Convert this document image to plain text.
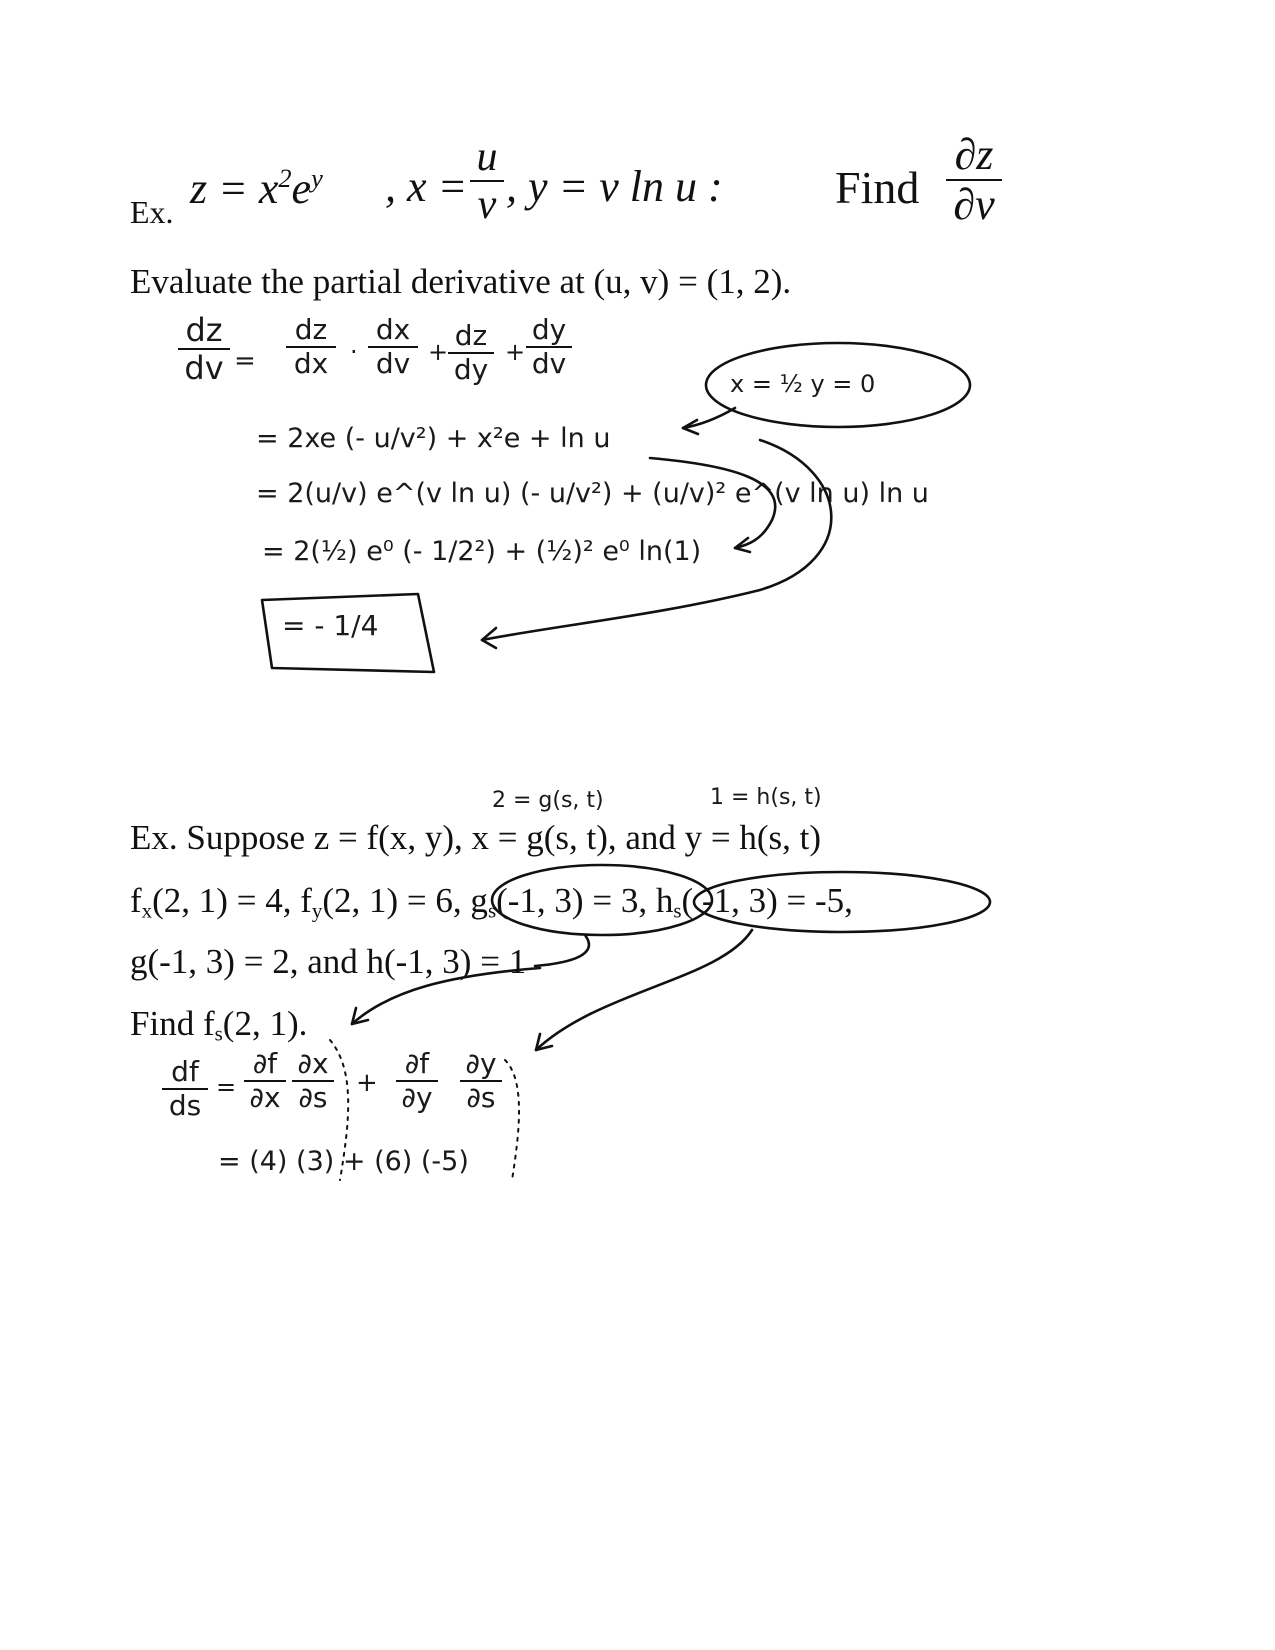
Ex. $z = x^2e^y$ , x =
u
v , y = v ln u : Find
∂z
∂v
Evaluate the partial derivative at (u, v) = (1, 2).
dz
dv =
dz
dx ·
dx
dv + dz
dy
+
dy
dv
x = ½ y = 0
= 2xe (- u/v²) + x²e + ln u
= 2(u/v) e^(v ln u) (- u/v²) + (u/v)² e^(v ln u) ln u
= 2(½) e⁰ (- 1/2²) + (½)² e⁰ ln(1)
= - 1/4
2 = g(s, t)	1 = h(s, t)
Ex. Suppose z = f(x, y), x = g(s, t), and y = h(s, t)
$f_x(2$, 1) = 4, $f_y(2$, 1) = 6, $g_s(-1$, 3) = 3, $h_s$( -1, 3) = -5,
g(-1, 3) = 2, and h(-1, 3) = 1
Find $f_s(2$, 1).
df
ds
=
∂f
∂x
∂x
∂s +
∂f
∂y
∂y
∂s
= (4) (3) + (6) (-5)
